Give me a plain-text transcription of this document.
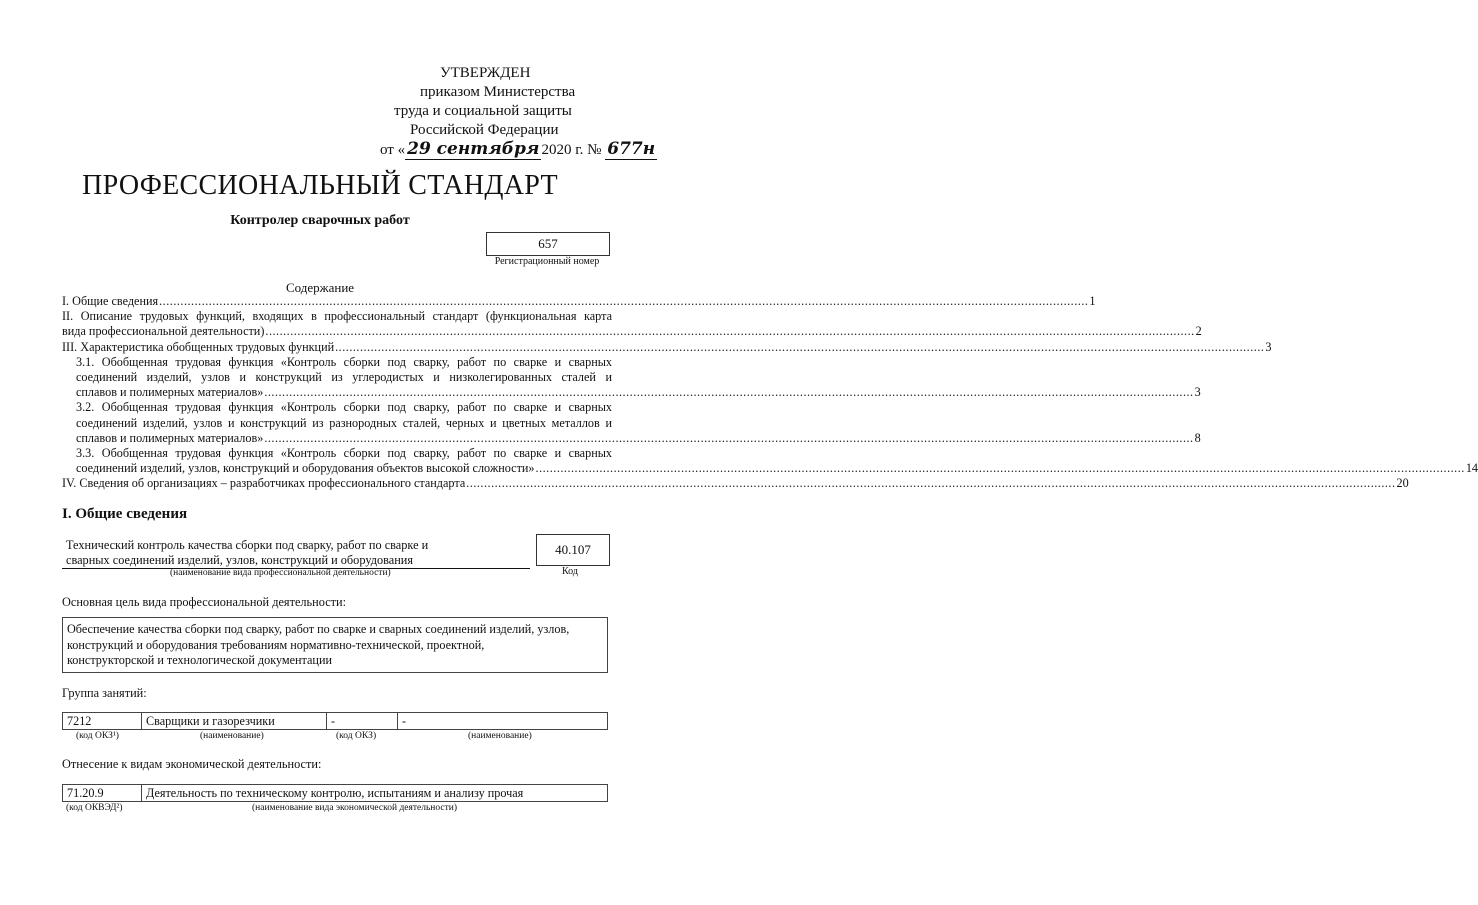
УТВЕРЖДЕН
приказом Министерства
труда и социальной защиты
Российской Федерации
от « 29 сентября 2020 г. № 677н
ПРОФЕССИОНАЛЬНЫЙ СТАНДАРТ
Контролер сварочных работ
657
Регистрационный номер
Содержание
I. Общие сведения .....	1
II. Описание трудовых функций, входящих в профессиональный стандарт (функциональная карта
вида профессиональной деятельности) .....	2
III. Характеристика обобщенных трудовых функций .....	3
3.1. Обобщенная трудовая функция «Контроль сборки под сварку, работ по сварке и сварных
соединений изделий, узлов и конструкций из углеродистых и низколегированных сталей и
сплавов и полимерных материалов» .....	3
3.2. Обобщенная трудовая функция «Контроль сборки под сварку, работ по сварке и сварных
соединений изделий, узлов и конструкций из разнородных сталей, черных и цветных металлов и
сплавов и полимерных материалов» .....	8
3.3. Обобщенная трудовая функция «Контроль сборки под сварку, работ по сварке и сварных
соединений изделий, узлов, конструкций и оборудования объектов высокой сложности» .....	14
IV. Сведения об организациях – разработчиках профессионального стандарта .....	20
I. Общие сведения
Технический контроль качества сборки под сварку, работ по сварке и
сварных соединений изделий, узлов, конструкций и оборудования
(наименование вида профессиональной деятельности)
40.107
Код
Основная цель вида профессиональной деятельности:
Обеспечение качества сборки под сварку, работ по сварке и сварных соединений изделий, узлов,
конструкций и оборудования требованиям нормативно-технической, проектной,
конструкторской и технологической документации
Группа занятий:
7212	Сварщики и газорезчики	-	-
(код ОКЗ¹)	(наименование)	(код ОКЗ)	(наименование)
Отнесение к видам экономической деятельности:
71.20.9	Деятельность по техническому контролю, испытаниям и анализу прочая
(код ОКВЭД²)	(наименование вида экономической деятельности)
